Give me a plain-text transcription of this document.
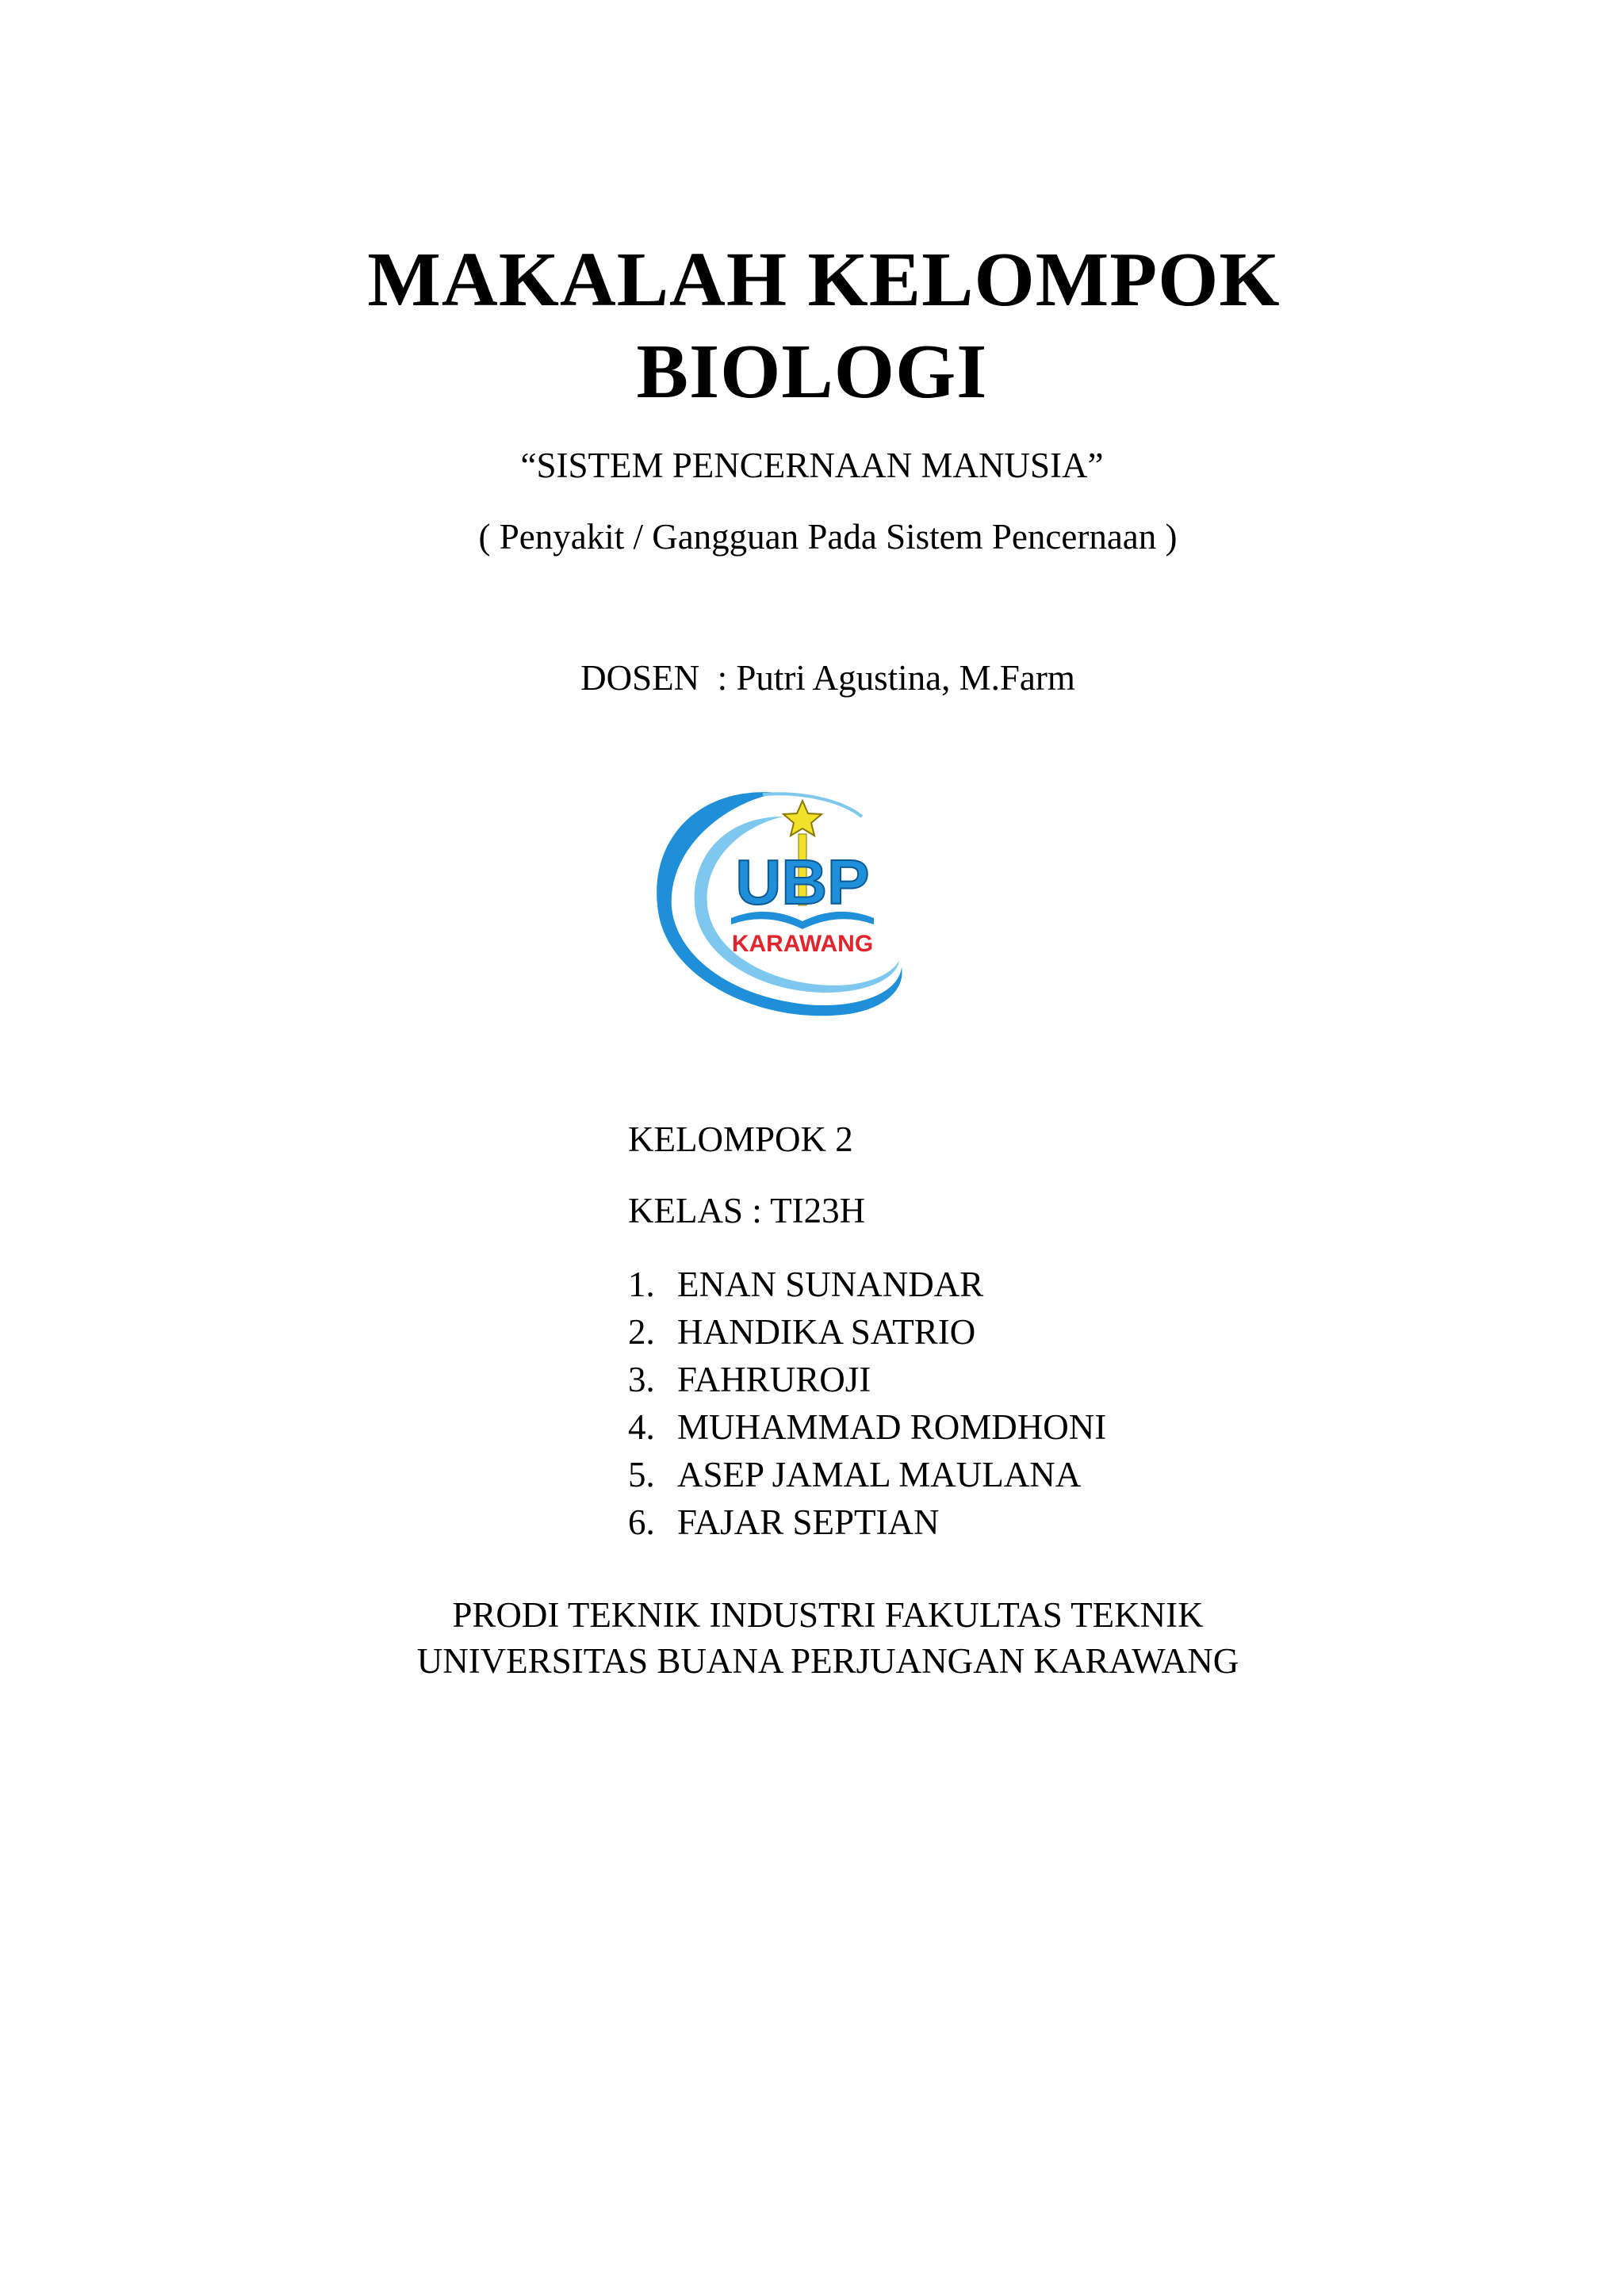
MAKALAH KELOMPOK
BIOLOGI

“SISTEM PENCERNAAN MANUSIA”

( Penyakit / Gangguan Pada Sistem Pencernaan )

DOSEN  : Putri Agustina, M.Farm

UBP
KARAWANG

KELOMPOK 2

KELAS : TI23H

1. ENAN SUNANDAR
2. HANDIKA SATRIO
3. FAHRUROJI
4. MUHAMMAD ROMDHONI
5. ASEP JAMAL MAULANA
6. FAJAR SEPTIAN

PRODI TEKNIK INDUSTRI FAKULTAS TEKNIK

UNIVERSITAS BUANA PERJUANGAN KARAWANG
